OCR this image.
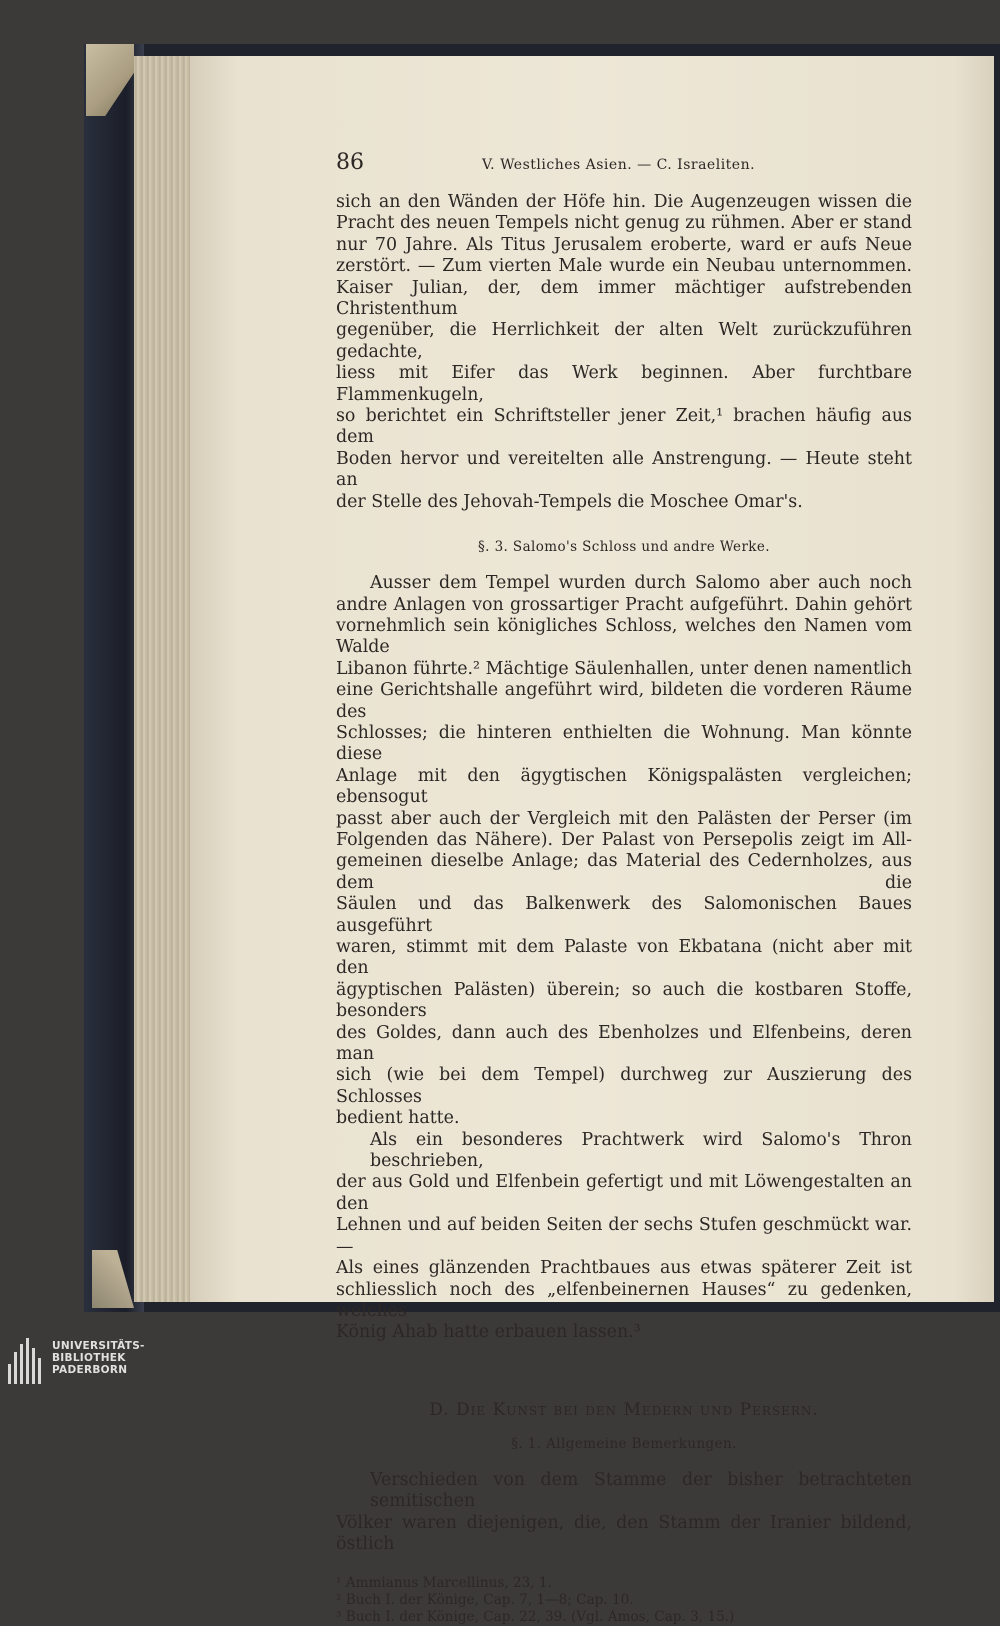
86	V. Westliches Asien. — C. Israeliten.

sich an den Wänden der Höfe hin. Die Augenzeugen wissen die
Pracht des neuen Tempels nicht genug zu rühmen. Aber er stand
nur 70 Jahre. Als Titus Jerusalem eroberte, ward er aufs Neue
zerstört. — Zum vierten Male wurde ein Neubau unternommen.
Kaiser Julian, der, dem immer mächtiger aufstrebenden Christenthum
gegenüber, die Herrlichkeit der alten Welt zurückzuführen gedachte,
liess mit Eifer das Werk beginnen. Aber furchtbare Flammenkugeln,
so berichtet ein Schriftsteller jener Zeit,¹ brachen häufig aus dem
Boden hervor und vereitelten alle Anstrengung. — Heute steht an
der Stelle des Jehovah-Tempels die Moschee Omar's.

§. 3. Salomo's Schloss und andre Werke.

Ausser dem Tempel wurden durch Salomo aber auch noch
andre Anlagen von grossartiger Pracht aufgeführt. Dahin gehört
vornehmlich sein königliches Schloss, welches den Namen vom Walde
Libanon führte.² Mächtige Säulenhallen, unter denen namentlich
eine Gerichtshalle angeführt wird, bildeten die vorderen Räume des
Schlosses; die hinteren enthielten die Wohnung. Man könnte diese
Anlage mit den ägygtischen Königspalästen vergleichen; ebensogut
passt aber auch der Vergleich mit den Palästen der Perser (im
Folgenden das Nähere). Der Palast von Persepolis zeigt im All-
gemeinen dieselbe Anlage; das Material des Cedernholzes, aus dem die
Säulen und das Balkenwerk des Salomonischen Baues ausgeführt
waren, stimmt mit dem Palaste von Ekbatana (nicht aber mit den
ägyptischen Palästen) überein; so auch die kostbaren Stoffe, besonders
des Goldes, dann auch des Ebenholzes und Elfenbeins, deren man
sich (wie bei dem Tempel) durchweg zur Auszierung des Schlosses
bedient hatte.

Als ein besonderes Prachtwerk wird Salomo's Thron beschrieben,
der aus Gold und Elfenbein gefertigt und mit Löwengestalten an den
Lehnen und auf beiden Seiten der sechs Stufen geschmückt war. —
Als eines glänzenden Prachtbaues aus etwas späterer Zeit ist
schliesslich noch des „elfenbeinernen Hauses“ zu gedenken, welches
König Ahab hatte erbauen lassen.³

D. Die Kunst bei den Medern und Persern.
§. 1. Allgemeine Bemerkungen.

Verschieden von dem Stamme der bisher betrachteten semitischen
Völker waren diejenigen, die, den Stamm der Iranier bildend, östlich

¹ Ammianus Marcellinus, 23, 1.
² Buch I. der Könige, Cap. 7, 1—8; Cap. 10.
³ Buch I. der Könige, Cap. 22, 39. (Vgl. Amos, Cap. 3, 15.)
UNIVERSITÄTS-
BIBLIOTHEK
PADERBORN
